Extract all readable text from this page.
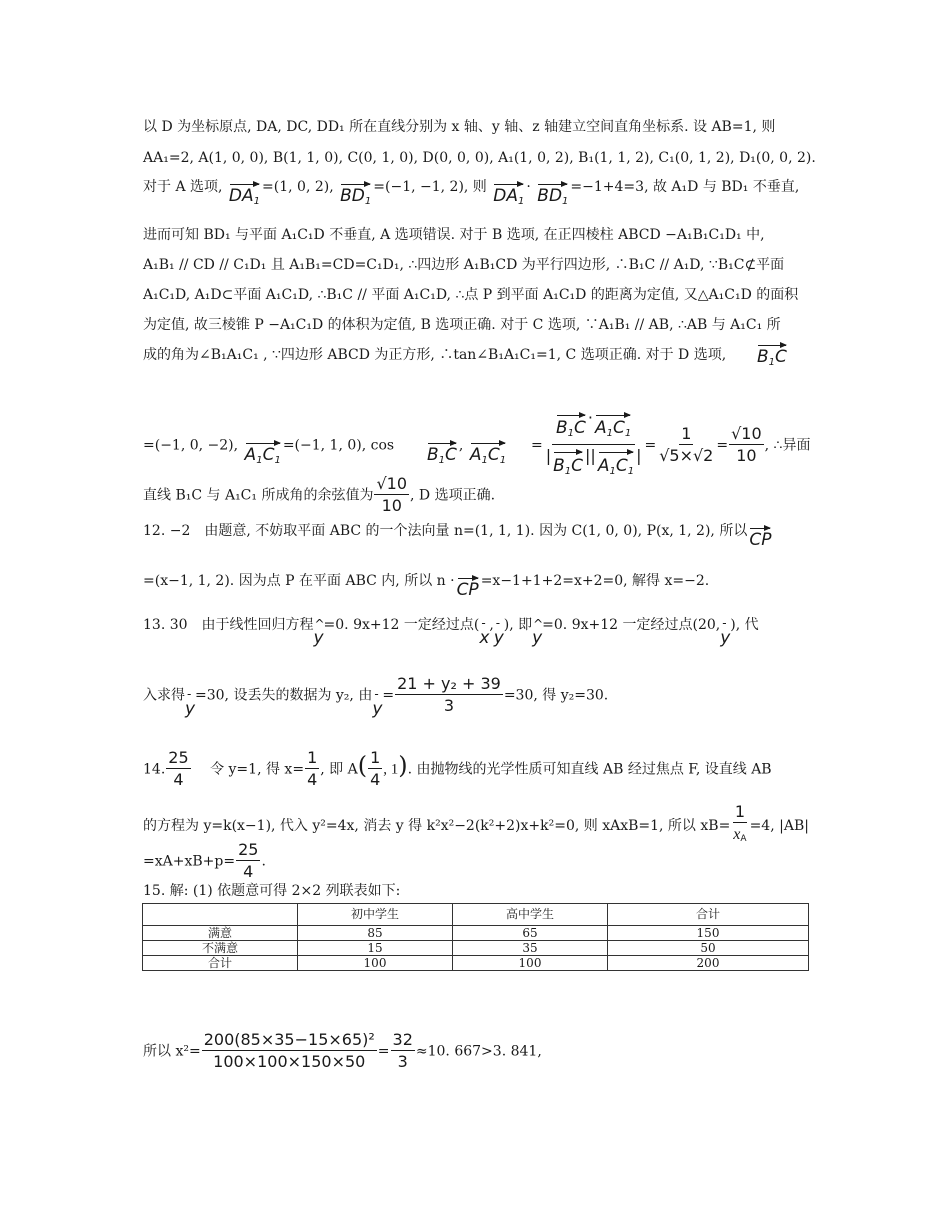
以 D 为坐标原点, DA, DC, DD₁ 所在直线分别为 x 轴、y 轴、z 轴建立空间直角坐标系. 设 AB=1, 则
AA₁=2, A(1, 0, 0), B(1, 1, 0), C(0, 1, 0), D(0, 0, 0), A₁(1, 0, 2), B₁(1, 1, 2), C₁(0, 1, 2), D₁(0, 0, 2).
对于 A 选项, $DA_1=(1$, 0, 2), $BD_1=(-1$, −1, 2), 则 $DA_1\cdot BD_1=-1+4=3$, 故 A₁D 与 BD₁ 不垂直,
进而可知 BD₁ 与平面 A₁C₁D 不垂直, A 选项错误. 对于 B 选项, 在正四棱柱 ABCD −A₁B₁C₁D₁ 中,
A₁B₁ // CD // C₁D₁ 且 A₁B₁=CD=C₁D₁, ∴四边形 A₁B₁CD 为平行四边形, ∴B₁C // A₁D, ∵B₁C⊄平面
A₁C₁D, A₁D⊂平面 A₁C₁D, ∴B₁C // 平面 A₁C₁D, ∴点 P 到平面 A₁C₁D 的距离为定值, 又△A₁C₁D 的面积
为定值, 故三棱锥 P −A₁C₁D 的体积为定值, B 选项正确. 对于 C 选项, ∵A₁B₁ // AB, ∴AB 与 A₁C₁ 所
成的角为∠B₁A₁C₁ , ∵四边形 ABCD 为正方形, ∴tan∠B₁A₁C₁=1, C 选项正确. 对于 D 选项, $B_1C$
=(−1, 0, −2), $A_1C_1=(-1$, 1, 0), $\cos B_1C$ , $A_1C_1 = \frac{B_1C\cdot A_1C_1}{|B_1C||A_1C_1|} = \frac{1}{√5\times√2} = \frac{√10}{10}$ , ∴异面
直线 B₁C 与 A₁C₁ 所成角的余弦值为 $\frac{√10}{10}$ , D 选项正确.
12. −2　由题意, 不妨取平面 ABC 的一个法向量 n=(1, 1, 1). 因为 C(1, 0, 0), P(x, 1, 2), 所以 CP
=(x−1, 1, 2). 因为点 P 在平面 ABC 内, 所以 n · CP =x−1+1+2=x+2=0, 解得 x=−2.
13. 30　由于线性回归方程^ y=0. 9x+12 一定经过点(- x,- y), 即^ y=0. 9x+12 一定经过点(20,- y), 代
入求得- y=30, 设丢失的数据为 y₂, 由- $y= \frac{\text{21 + y₂ + 39}}{3} =30$, 得 y₂=30.
14. $\frac{25}{4}$ 令 y=1, 得 $x= \frac{1}{4}$ , 即 $A( \frac{1}{4}$ , 1). 由抛物线的光学性质可知直线 AB 经过焦点 F, 设直线 AB
的方程为 y=k(x−1), 代入 y²=4x, 消去 y 得 k²x²−2(k²+2)x+k²=0, 则 xAxB=1, 所以 $xB= \frac{1}{x_A} =4$, |AB|
$=xA+xB+p= \frac{25}{4}$ .
15. 解: (1) 依题意可得 2×2 列联表如下:
	初中学生	高中学生	合计
满意	85	65	150
不满意	15	35	50
合计	100	100	200
所以 $x^2= \frac{\text{200(85×35−15×65)²}}{100\times 100\times 150\times 50} = \frac{32}{3} \approx 10$. 667>3. 841,
